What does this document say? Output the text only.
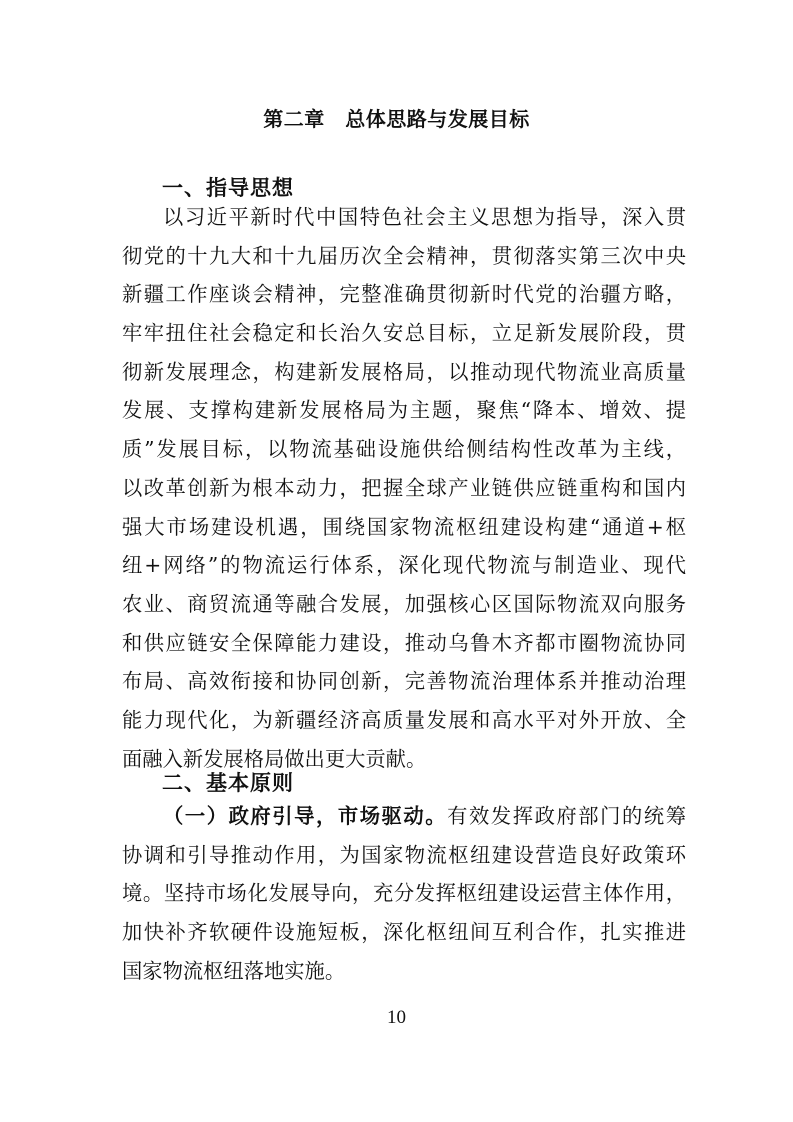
第二章　总体思路与发展目标
一、指导思想
以习近平新时代中国特色社会主义思想为指导，深入贯
彻党的十九大和十九届历次全会精神，贯彻落实第三次中央
新疆工作座谈会精神，完整准确贯彻新时代党的治疆方略，
牢牢扭住社会稳定和长治久安总目标，立足新发展阶段，贯
彻新发展理念，构建新发展格局，以推动现代物流业高质量
发展、支撑构建新发展格局为主题，聚焦“降本、增效、提
质”发展目标，以物流基础设施供给侧结构性改革为主线，
以改革创新为根本动力，把握全球产业链供应链重构和国内
强大市场建设机遇，围绕国家物流枢纽建设构建“通道+枢
纽+网络”的物流运行体系，深化现代物流与制造业、现代
农业、商贸流通等融合发展，加强核心区国际物流双向服务
和供应链安全保障能力建设，推动乌鲁木齐都市圈物流协同
布局、高效衔接和协同创新，完善物流治理体系并推动治理
能力现代化，为新疆经济高质量发展和高水平对外开放、全
面融入新发展格局做出更大贡献。
二、基本原则
（一）政府引导，市场驱动。有效发挥政府部门的统筹
协调和引导推动作用，为国家物流枢纽建设营造良好政策环
境。坚持市场化发展导向，充分发挥枢纽建设运营主体作用，
加快补齐软硬件设施短板，深化枢纽间互利合作，扎实推进
国家物流枢纽落地实施。
10
